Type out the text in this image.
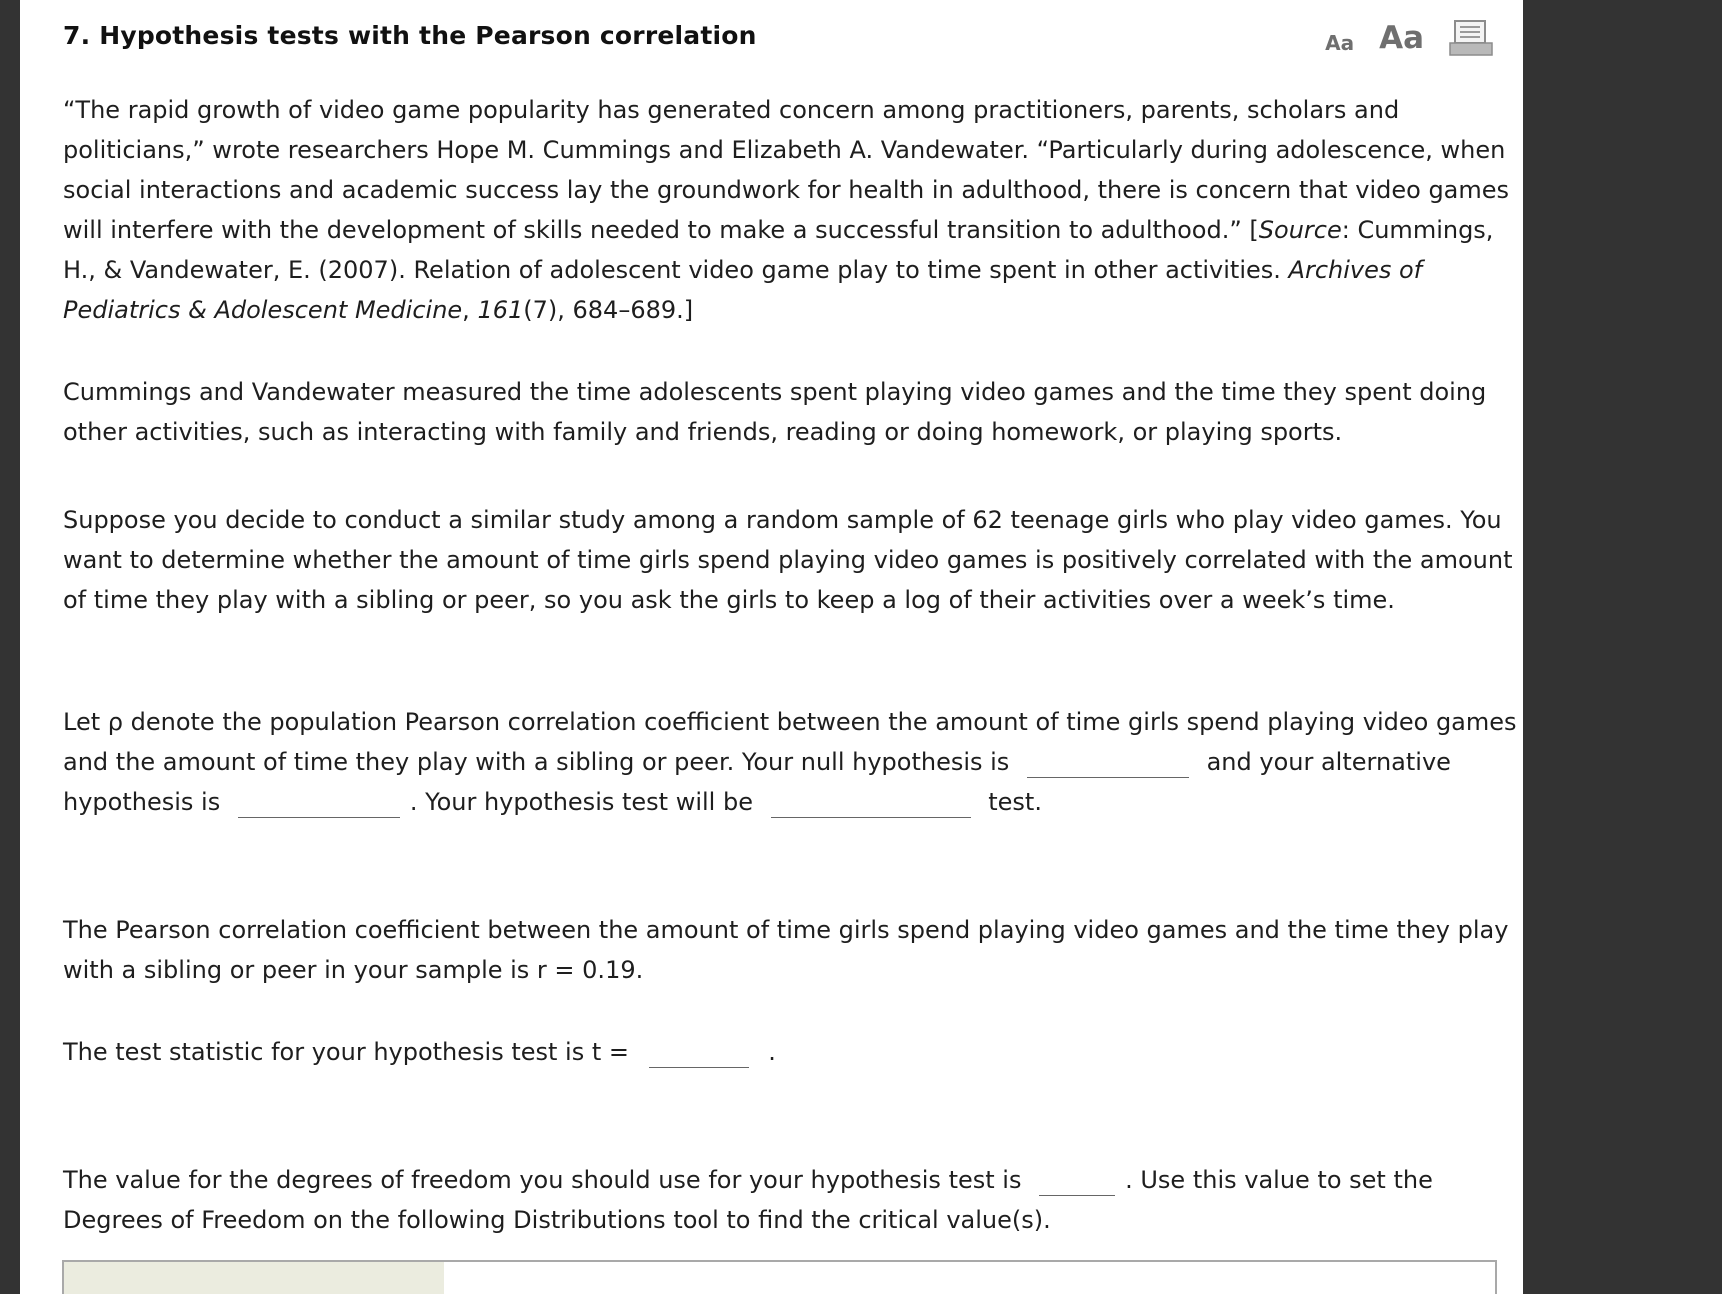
7. Hypothesis tests with the Pearson correlation	Aa Aa

“The rapid growth of video game popularity has generated concern among practitioners, parents, scholars and politicians,” wrote researchers Hope M. Cummings and Elizabeth A. Vandewater. “Particularly during adolescence, when social interactions and academic success lay the groundwork for health in adulthood, there is concern that video games will interfere with the development of skills needed to make a successful transition to adulthood.” [Source: Cummings, H., & Vandewater, E. (2007). Relation of adolescent video game play to time spent in other activities. Archives of Pediatrics & Adolescent Medicine, 161(7), 684–689.]

Cummings and Vandewater measured the time adolescents spent playing video games and the time they spent doing other activities, such as interacting with family and friends, reading or doing homework, or playing sports.

Suppose you decide to conduct a similar study among a random sample of 62 teenage girls who play video games. You want to determine whether the amount of time girls spend playing video games is positively correlated with the amount of time they play with a sibling or peer, so you ask the girls to keep a log of their activities over a week’s time.

Let ρ denote the population Pearson correlation coefficient between the amount of time girls spend playing video games and the amount of time they play with a sibling or peer. Your null hypothesis is	and your alternative hypothesis is	. Your hypothesis test will be	test.

The Pearson correlation coefficient between the amount of time girls spend playing video games and the time they play with a sibling or peer in your sample is r = 0.19.

The test statistic for your hypothesis test is t =	.

The value for the degrees of freedom you should use for your hypothesis test is	. Use this value to set the Degrees of Freedom on the following Distributions tool to find the critical value(s).
